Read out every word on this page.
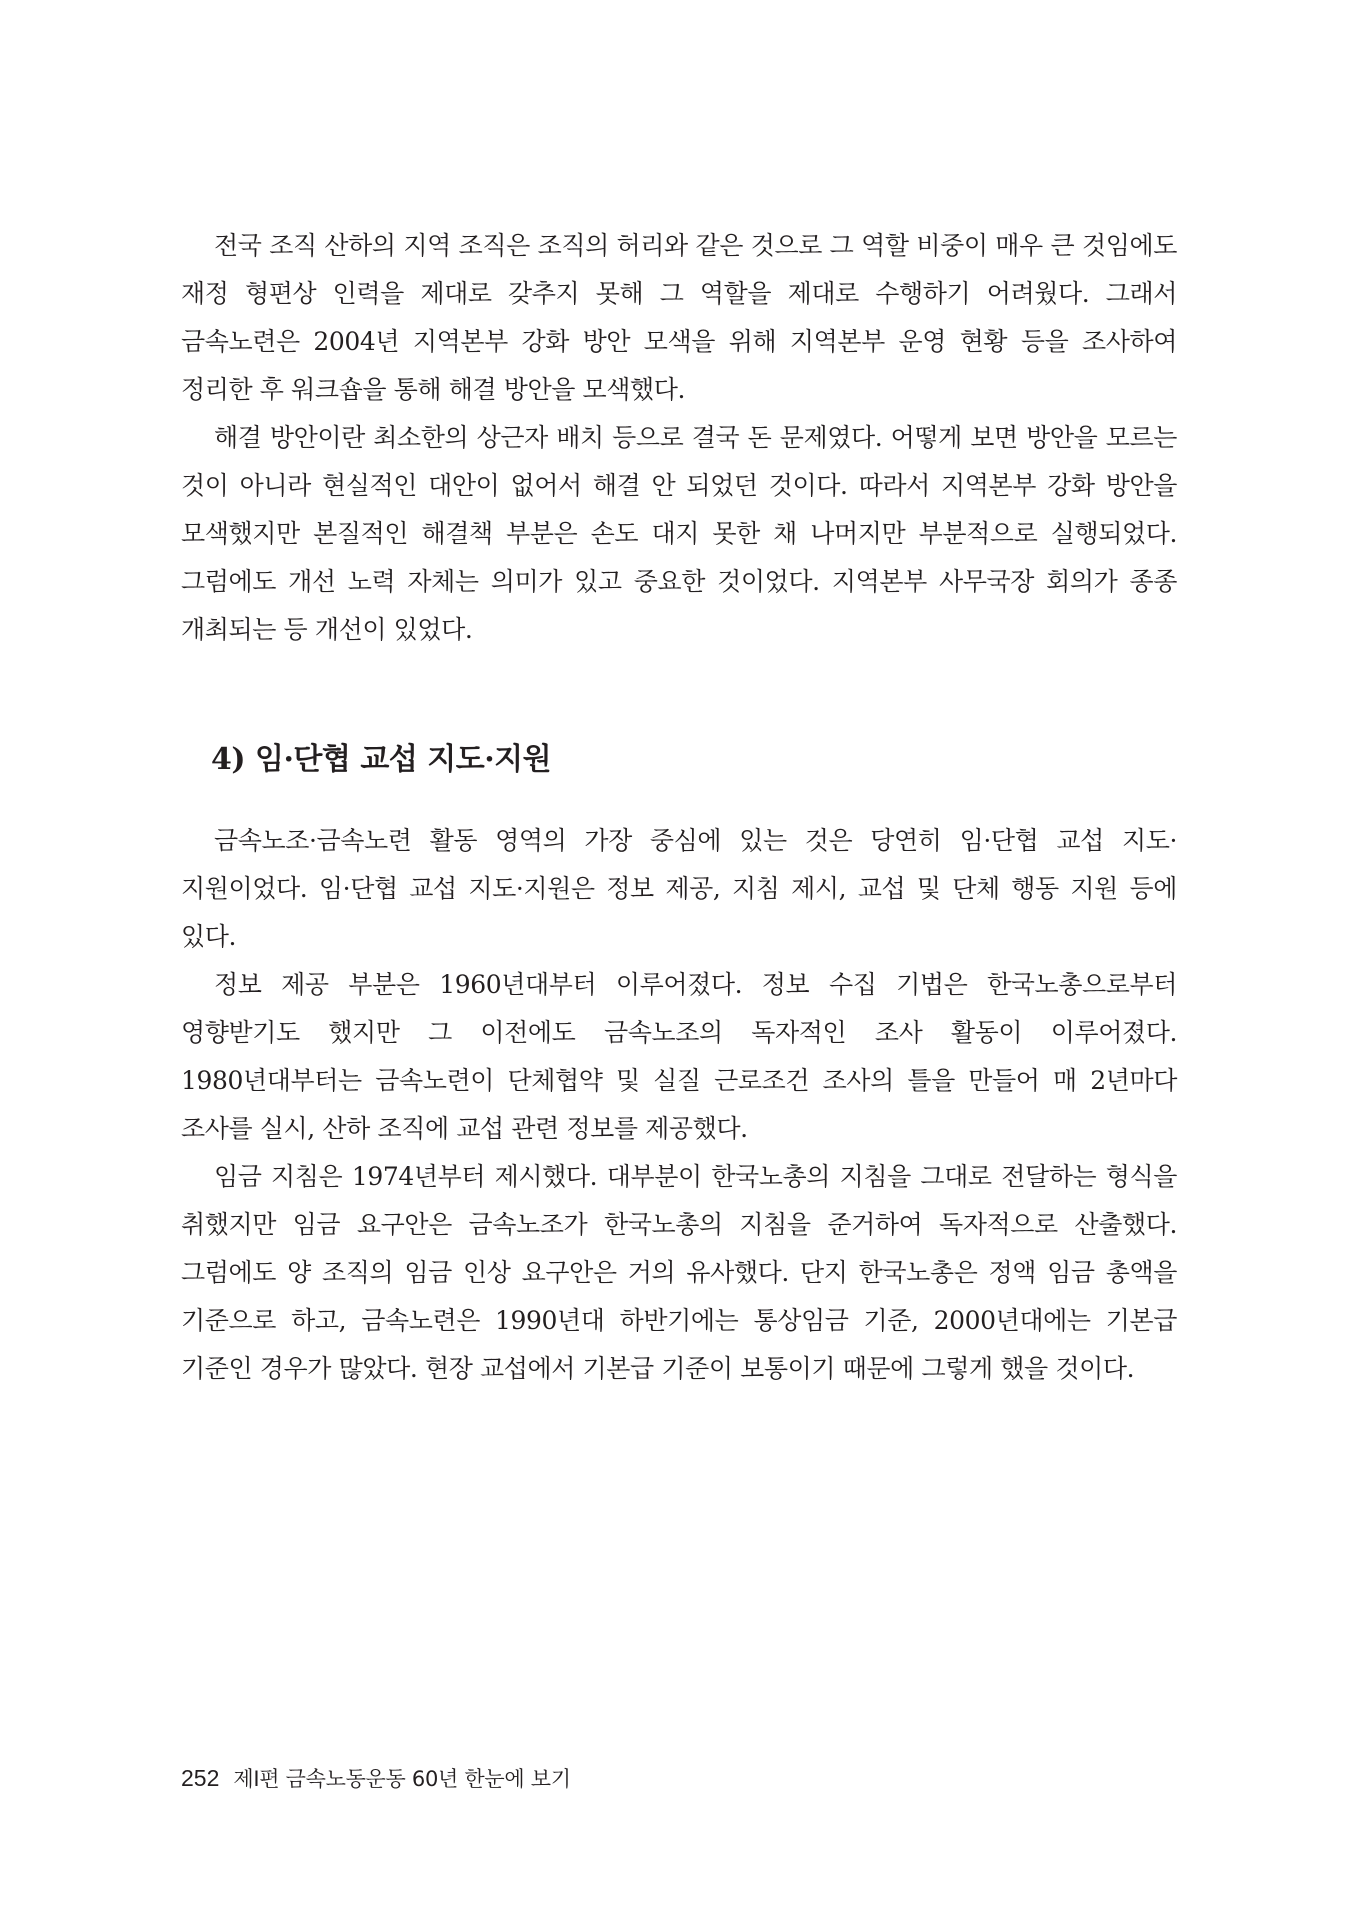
전국 조직 산하의 지역 조직은 조직의 허리와 같은 것으로 그 역할 비중이 매우 큰 것임에도 재정 형편상 인력을 제대로 갖추지 못해 그 역할을 제대로 수행하기 어려웠다. 그래서 금속노련은 2004년 지역본부 강화 방안 모색을 위해 지역본부 운영 현황 등을 조사하여 정리한 후 워크숍을 통해 해결 방안을 모색했다.

해결 방안이란 최소한의 상근자 배치 등으로 결국 돈 문제였다. 어떻게 보면 방안을 모르는 것이 아니라 현실적인 대안이 없어서 해결 안 되었던 것이다. 따라서 지역본부 강화 방안을 모색했지만 본질적인 해결책 부분은 손도 대지 못한 채 나머지만 부분적으로 실행되었다. 그럼에도 개선 노력 자체는 의미가 있고 중요한 것이었다. 지역본부 사무국장 회의가 종종 개최되는 등 개선이 있었다.

4) 임·단협 교섭 지도·지원

금속노조·금속노련 활동 영역의 가장 중심에 있는 것은 당연히 임·단협 교섭 지도·지원이었다. 임·단협 교섭 지도·지원은 정보 제공, 지침 제시, 교섭 및 단체 행동 지원 등에 있다.

정보 제공 부분은 1960년대부터 이루어졌다. 정보 수집 기법은 한국노총으로부터 영향받기도 했지만 그 이전에도 금속노조의 독자적인 조사 활동이 이루어졌다. 1980년대부터는 금속노련이 단체협약 및 실질 근로조건 조사의 틀을 만들어 매 2년마다 조사를 실시, 산하 조직에 교섭 관련 정보를 제공했다.

임금 지침은 1974년부터 제시했다. 대부분이 한국노총의 지침을 그대로 전달하는 형식을 취했지만 임금 요구안은 금속노조가 한국노총의 지침을 준거하여 독자적으로 산출했다. 그럼에도 양 조직의 임금 인상 요구안은 거의 유사했다. 단지 한국노총은 정액 임금 총액을 기준으로 하고, 금속노련은 1990년대 하반기에는 통상임금 기준, 2000년대에는 기본급 기준인 경우가 많았다. 현장 교섭에서 기본급 기준이 보통이기 때문에 그렇게 했을 것이다.

252 제Ⅰ편 금속노동운동 60년 한눈에 보기
